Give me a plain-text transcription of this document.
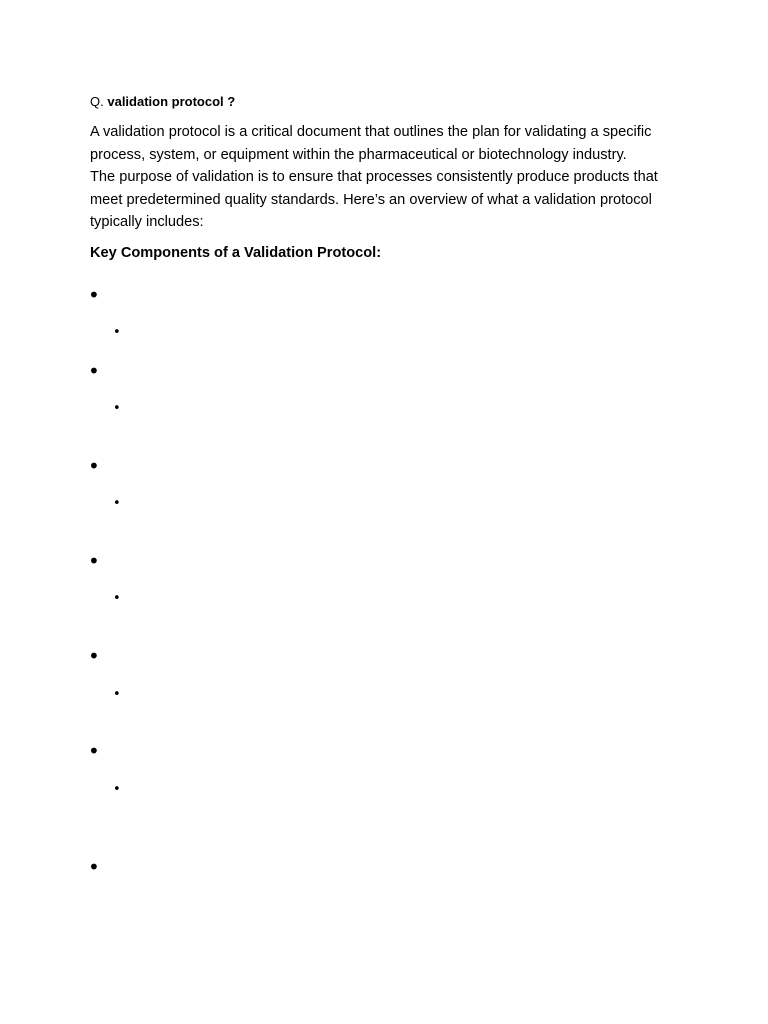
Q. validation protocol ?

A validation protocol is a critical document that outlines the plan for validating a specific
process, system, or equipment within the pharmaceutical or biotechnology industry.
The purpose of validation is to ensure that processes consistently produce products that
meet predetermined quality standards. Here’s an overview of what a validation protocol
typically includes:

Key Components of a Validation Protocol:
•
•
•
•
•
•
•
•
•
•
•
•
•
